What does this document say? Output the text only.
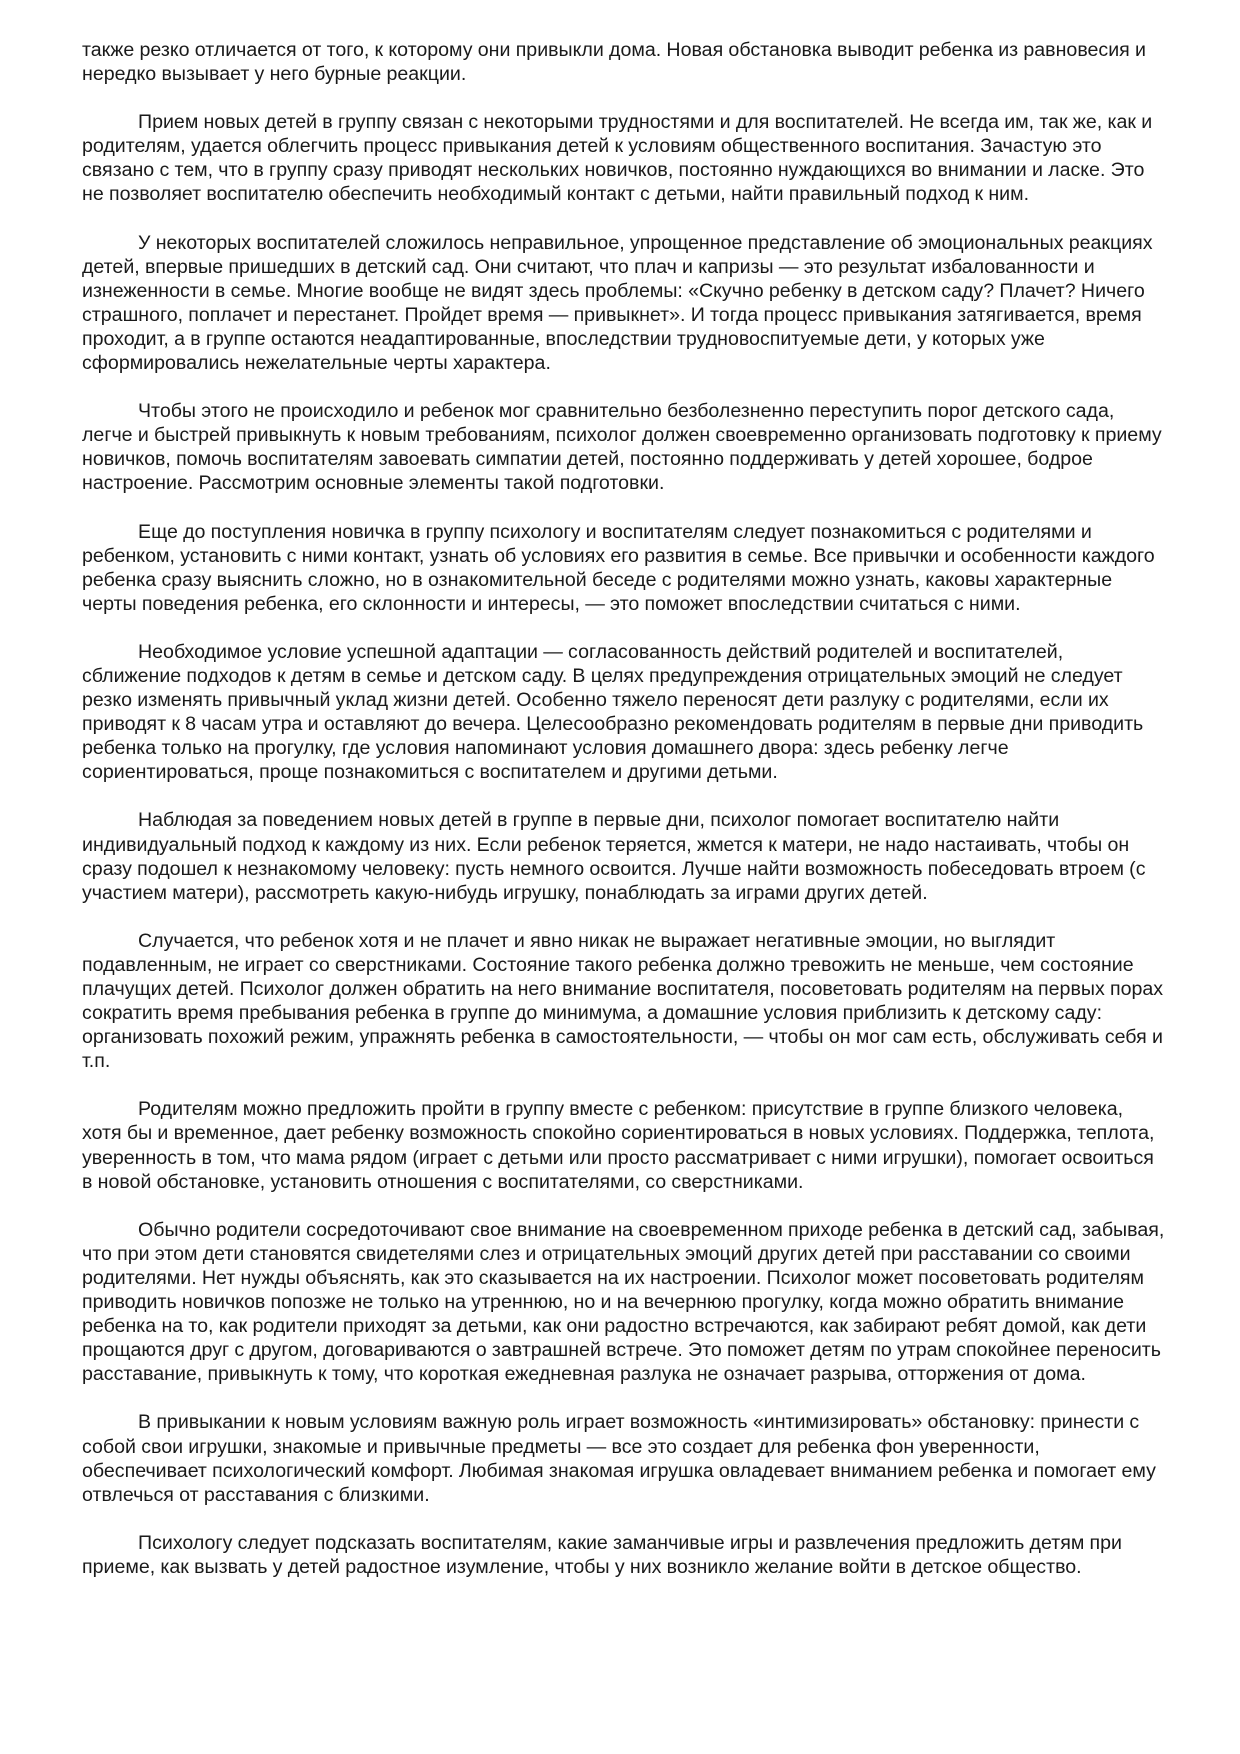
также резко отличается от того, к которому они привыкли дома. Новая обстановка выводит ребенка из равновесия и нередко вызывает у него бурные реакции.

Прием новых детей в группу связан с некоторыми трудностями и для воспитателей. Не всегда им, так же, как и родителям, удается облегчить процесс привыкания детей к условиям общественного воспитания. Зачастую это связано с тем, что в группу сразу приводят нескольких новичков, постоянно нуждающихся во внимании и ласке. Это не позволяет воспитателю обеспечить необходимый контакт с детьми, найти правильный подход к ним.

У некоторых воспитателей сложилось неправильное, упрощенное представление об эмоциональных реакциях детей, впервые пришедших в детский сад. Они считают, что плач и капризы — это результат избалованности и изнеженности в семье. Многие вообще не видят здесь проблемы: «Скучно ребенку в детском саду? Плачет? Ничего страшного, поплачет и перестанет. Пройдет время — привыкнет». И тогда процесс привыкания затягивается, время проходит, а в группе остаются неадаптированные, впоследствии трудновоспитуемые дети, у которых уже сформировались нежелательные черты характера.

Чтобы этого не происходило и ребенок мог сравнительно безболезненно переступить порог детского сада, легче и быстрей привыкнуть к новым требованиям, психолог должен своевременно организовать подготовку к приему новичков, помочь воспитателям завоевать симпатии детей, постоянно поддерживать у детей хорошее, бодрое настроение. Рассмотрим основные элементы такой подготовки.

Еще до поступления новичка в группу психологу и воспитателям следует познакомиться с родителями и ребенком, установить с ними контакт, узнать об условиях его развития в семье. Все привычки и особенности каждого ребенка сразу выяснить сложно, но в ознакомительной беседе с родителями можно узнать, каковы характерные черты поведения ребенка, его склонности и интересы, — это поможет впоследствии считаться с ними.

Необходимое условие успешной адаптации — согласованность действий родителей и воспитателей, сближение подходов к детям в семье и детском саду. В целях предупреждения отрицательных эмоций не следует резко изменять привычный уклад жизни детей. Особенно тяжело переносят дети разлуку с родителями, если их приводят к 8 часам утра и оставляют до вечера. Целесообразно рекомендовать родителям в первые дни приводить ребенка только на прогулку, где условия напоминают условия домашнего двора: здесь ребенку легче сориентироваться, проще познакомиться с воспитателем и другими детьми.

Наблюдая за поведением новых детей в группе в первые дни, психолог помогает воспитателю найти индивидуальный подход к каждому из них. Если ребенок теряется, жмется к матери, не надо настаивать, чтобы он сразу подошел к незнакомому человеку: пусть немного освоится. Лучше найти возможность побеседовать втроем (с участием матери), рассмотреть какую-нибудь игрушку, понаблюдать за играми других детей.

Случается, что ребенок хотя и не плачет и явно никак не выражает негативные эмоции, но выглядит подавленным, не играет со сверстниками. Состояние такого ребенка должно тревожить не меньше, чем состояние плачущих детей. Психолог должен обратить на него внимание воспитателя, посоветовать родителям на первых порах сократить время пребывания ребенка в группе до минимума, а домашние условия приблизить к детскому саду: организовать похожий режим, упражнять ребенка в самостоятельности, — чтобы он мог сам есть, обслуживать себя и т.п.

Родителям можно предложить пройти в группу вместе с ребенком: присутствие в группе близкого человека, хотя бы и временное, дает ребенку возможность спокойно сориентироваться в новых условиях. Поддержка, теплота, уверенность в том, что мама рядом (играет с детьми или просто рассматривает с ними игрушки), помогает освоиться в новой обстановке, установить отношения с воспитателями, со сверстниками.

Обычно родители сосредоточивают свое внимание на своевременном приходе ребенка в детский сад, забывая, что при этом дети становятся свидетелями слез и отрицательных эмоций других детей при расставании со своими родителями. Нет нужды объяснять, как это сказывается на их настроении. Психолог может посоветовать родителям приводить новичков попозже не только на утреннюю, но и на вечернюю прогулку, когда можно обратить внимание ребенка на то, как родители приходят за детьми, как они радостно встречаются, как забирают ребят домой, как дети прощаются друг с другом, договариваются о завтрашней встрече. Это поможет детям по утрам спокойнее переносить расставание, привыкнуть к тому, что короткая ежедневная разлука не означает разрыва, отторжения от дома.

В привыкании к новым условиям важную роль играет возможность «интимизировать» обстановку: принести с собой свои игрушки, знакомые и привычные предметы — все это создает для ребенка фон уверенности, обеспечивает психологический комфорт. Любимая знакомая игрушка овладевает вниманием ребенка и помогает ему отвлечься от расставания с близкими.

Психологу следует подсказать воспитателям, какие заманчивые игры и развлечения предложить детям при приеме, как вызвать у детей радостное изумление, чтобы у них возникло желание войти в детское общество.
